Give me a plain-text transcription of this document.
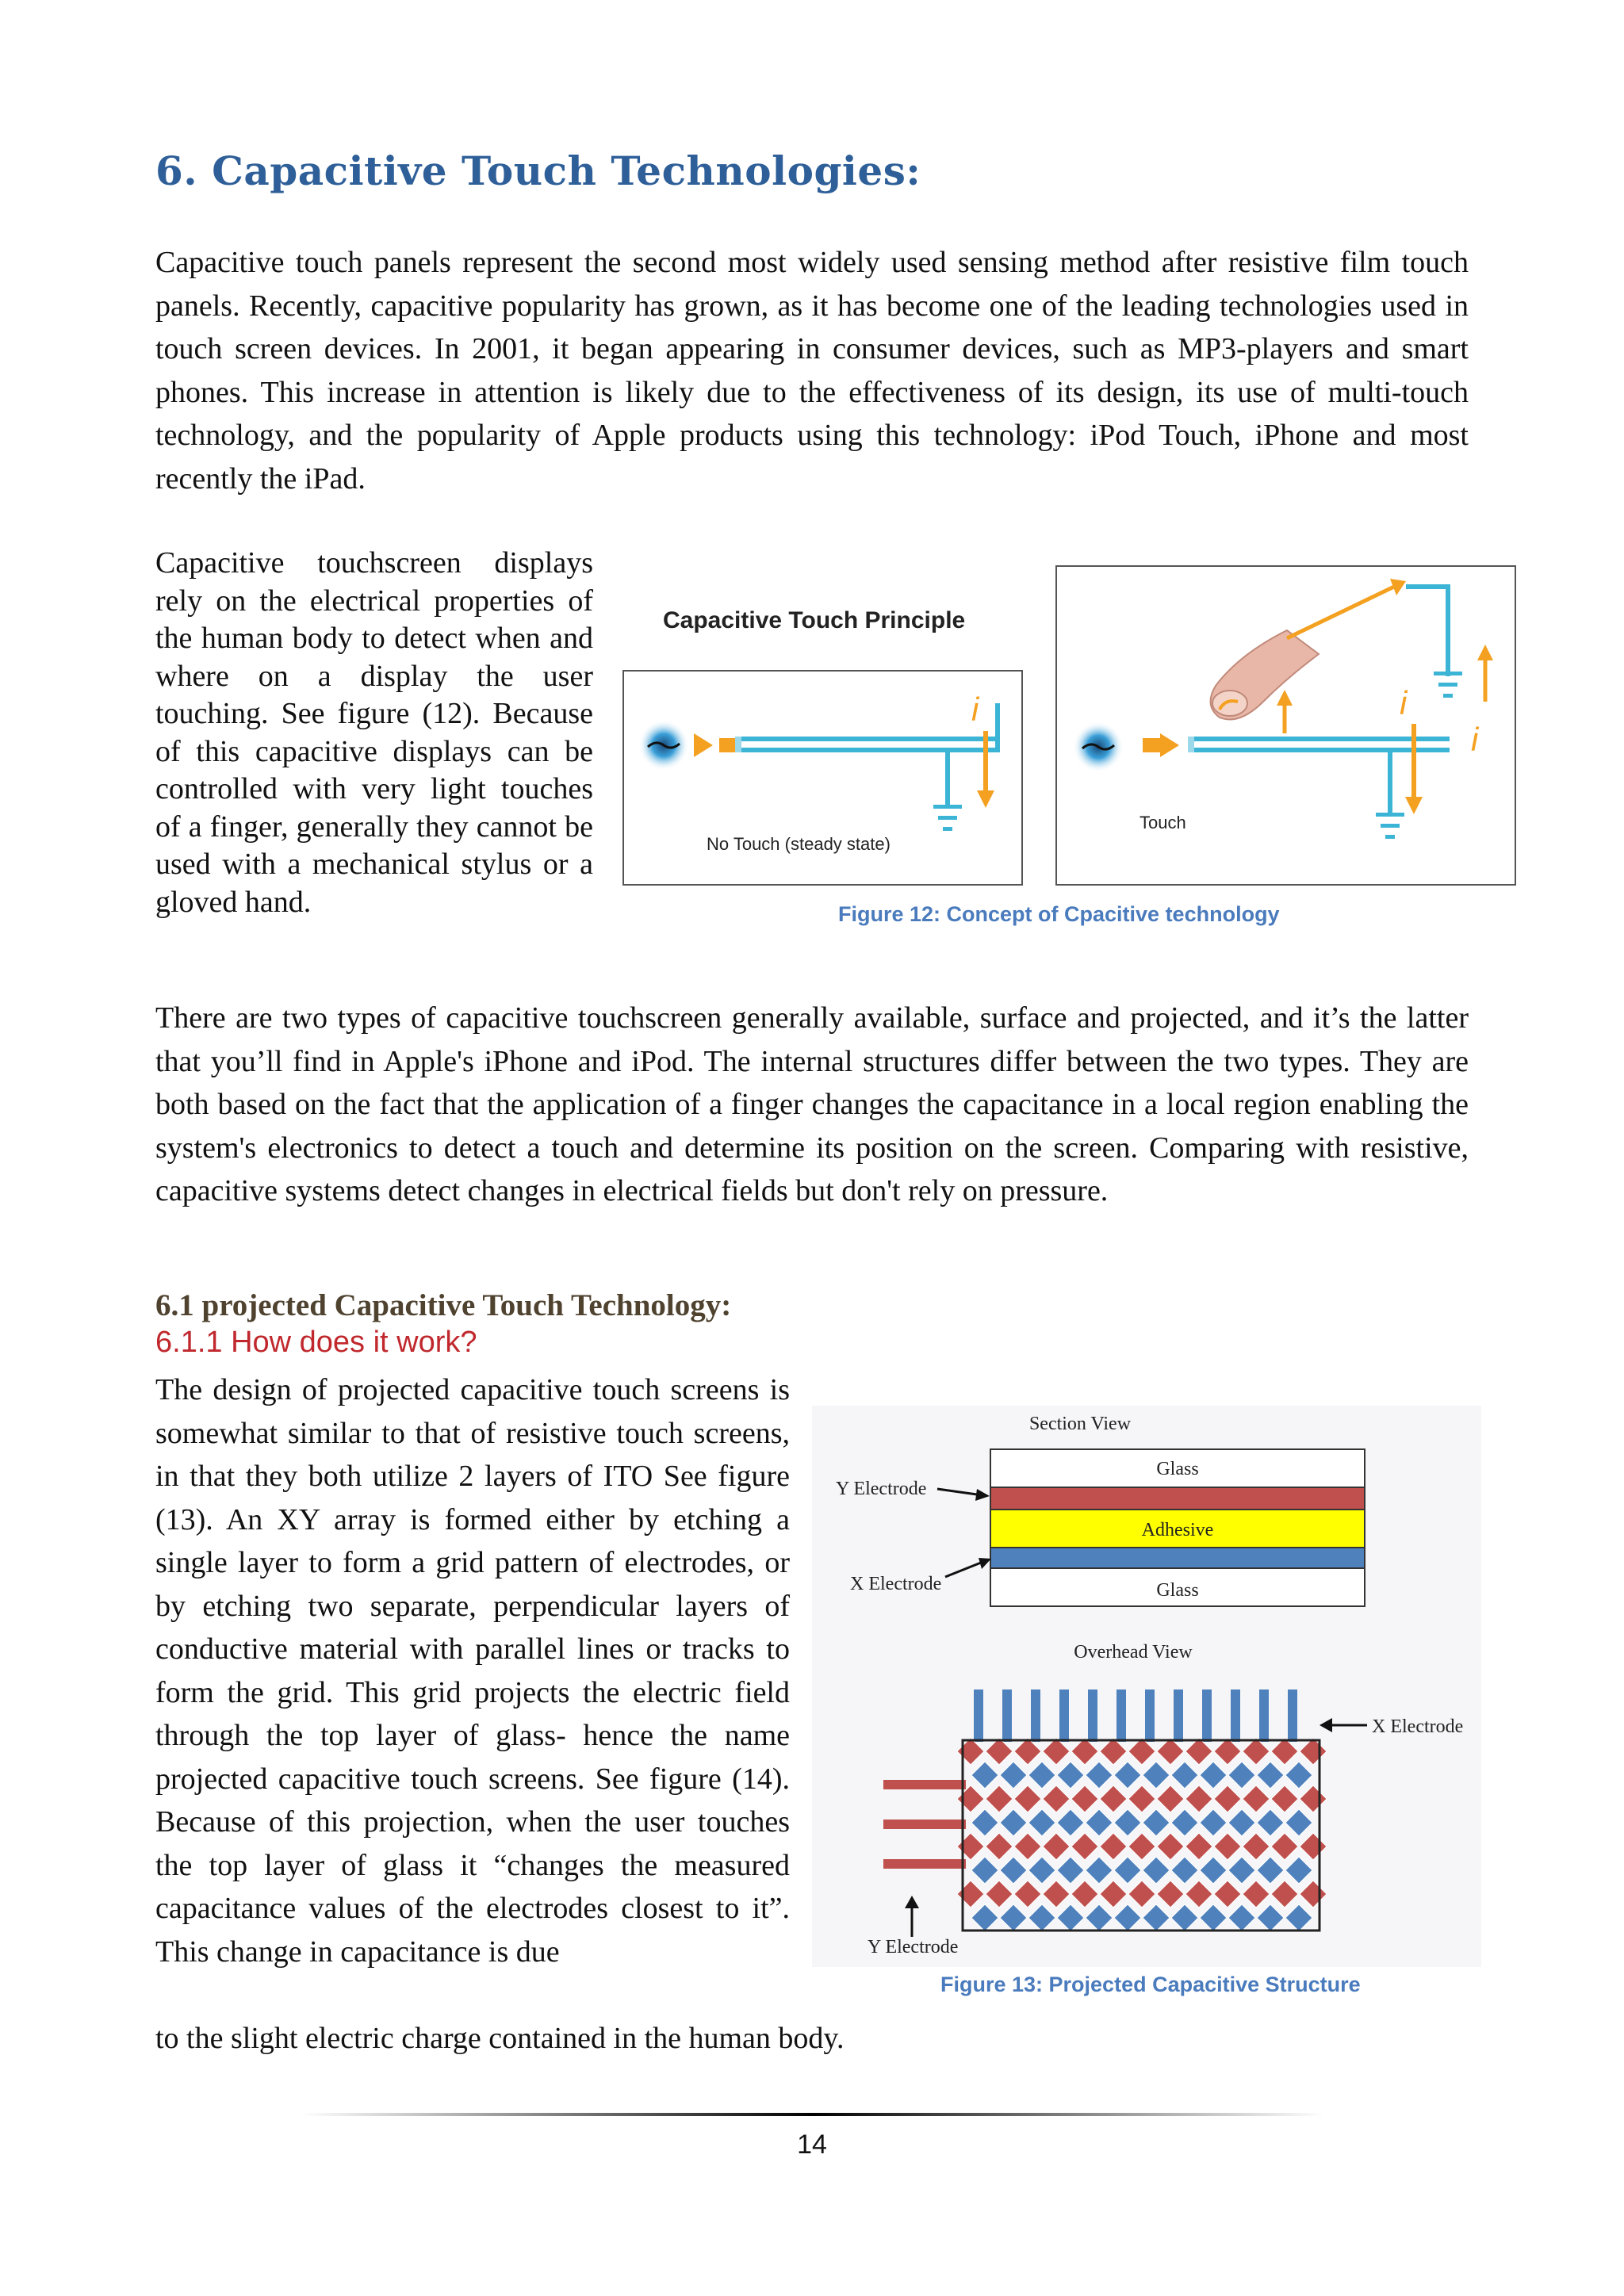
6. Capacitive Touch Technologies:

Capacitive touch panels represent the second most widely used sensing method after resistive film touch panels. Recently, capacitive popularity has grown, as it has become one of the leading technologies used in touch screen devices. In 2001, it began appearing in consumer devices, such as MP3-players and smart phones. This increase in attention is likely due to the effectiveness of its design, its use of multi-touch technology, and the popularity of Apple products using this technology: iPod Touch, iPhone and most recently the iPad.

Capacitive touchscreen displays rely on the electrical properties of the human body to detect when and where on a display the user touching. See figure (12). Because of this capacitive displays can be controlled with very light touches of a finger, generally they cannot be used with a mechanical stylus or a gloved hand.

Capacitive Touch Principle
i
No Touch (steady state)
i
i
Touch
Figure 12: Concept of Cpacitive technology

There are two types of capacitive touchscreen generally available, surface and projected, and it’s the latter that you’ll find in Apple's iPhone and iPod. The internal structures differ between the two types. They are both based on the fact that the application of a finger changes the capacitance in a local region enabling the system's electronics to detect a touch and determine its position on the screen. Comparing with resistive, capacitive systems detect changes in electrical fields but don't rely on pressure.

6.1 projected Capacitive Touch Technology:
6.1.1 How does it work?

The design of projected capacitive touch screens is somewhat similar to that of resistive touch screens, in that they both utilize 2 layers of ITO See figure (13). An XY array is formed either by etching a single layer to form a grid pattern of electrodes, or by etching two separate, perpendicular layers of conductive material with parallel lines or tracks to form the grid. This grid projects the electric field through the top layer of glass- hence the name projected capacitive touch screens. See figure (14). Because of this projection, when the user touches the top layer of glass it “changes the measured capacitance values of the electrodes closest to it”. This change in capacitance is due

to the slight electric charge contained in the human body.

Section View
Glass
Adhesive
Glass
Y Electrode
X Electrode
Overhead View
X Electrode
Y Electrode
Figure 13: Projected Capacitive Structure
14
